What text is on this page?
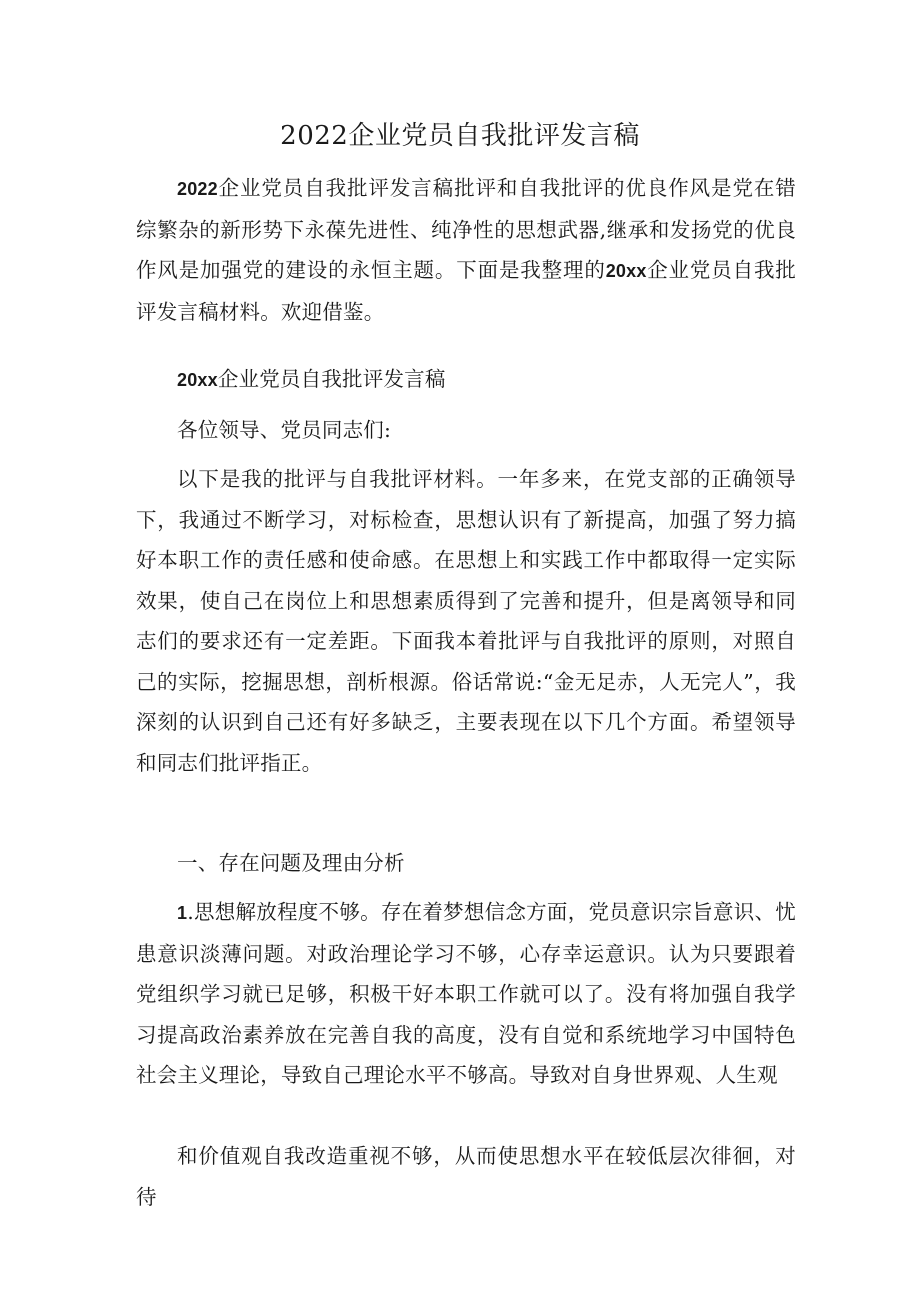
2022企业党员自我批评发言稿
2022企业党员自我批评发言稿批评和自我批评的优良作风是党在错综繁杂的新形势下永葆先进性、纯净性的思想武器,继承和发扬党的优良作风是加强党的建设的永恒主题。下面是我整理的20xx企业党员自我批评发言稿材料。欢迎借鉴。
20xx企业党员自我批评发言稿
各位领导、党员同志们:
以下是我的批评与自我批评材料。一年多来，在党支部的正确领导下，我通过不断学习，对标检查，思想认识有了新提高，加强了努力搞好本职工作的责任感和使命感。在思想上和实践工作中都取得一定实际效果，使自己在岗位上和思想素质得到了完善和提升，但是离领导和同志们的要求还有一定差距。下面我本着批评与自我批评的原则，对照自己的实际，挖掘思想，剖析根源。俗话常说:“金无足赤，人无完人”，我深刻的认识到自己还有好多缺乏，主要表现在以下几个方面。希望领导和同志们批评指正。
一、存在问题及理由分析
1.思想解放程度不够。存在着梦想信念方面，党员意识宗旨意识、忧患意识淡薄问题。对政治理论学习不够，心存幸运意识。认为只要跟着党组织学习就已足够，积极干好本职工作就可以了。没有将加强自我学习提高政治素养放在完善自我的高度，没有自觉和系统地学习中国特色社会主义理论，导致自己理论水平不够高。导致对自身世界观、人生观
和价值观自我改造重视不够，从而使思想水平在较低层次徘徊，对待
